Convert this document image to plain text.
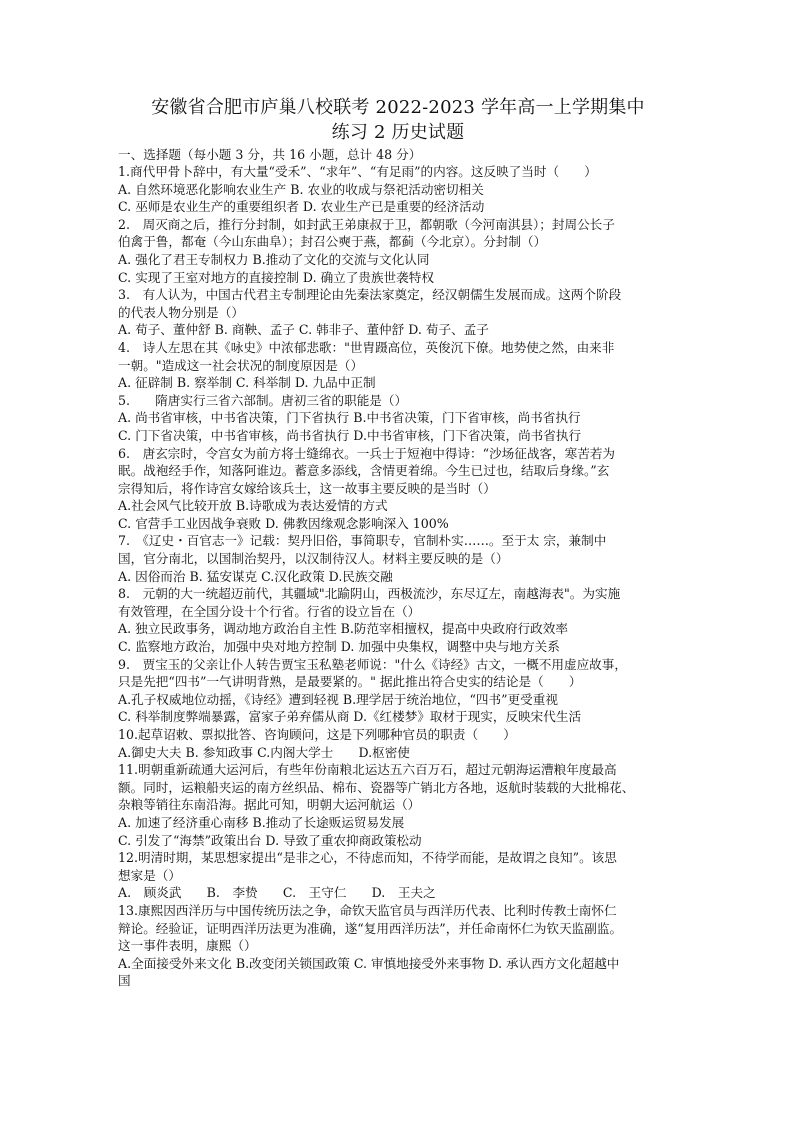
安徽省合肥市庐巢八校联考 2022-2023 学年高一上学期集中
练习 2 历史试题

一、选择题（每小题 3 分，共 16 小题，总计 48 分）

1.商代甲骨卜辞中，有大量“受禾”、“求年”、“有足雨”的内容。这反映了当时（　　）

A. 自然环境恶化影响农业生产 B. 农业的收成与祭祀活动密切相关

C. 巫师是农业生产的重要组织者 D. 农业生产已是重要的经济活动

2.　周灭商之后，推行分封制，如封武王弟康叔于卫，都朝歌（今河南淇县）；封周公长子

伯禽于鲁，都奄（今山东曲阜）；封召公奭于燕，都蓟（今北京）。分封制（）

A. 强化了君王专制权力 B.推动了文化的交流与文化认同

C. 实现了王室对地方的直接控制 D. 确立了贵族世袭特权

3.　有人认为，中国古代君主专制理论由先秦法家奠定，经汉朝儒生发展而成。这两个阶段

的代表人物分别是（）

A. 荀子、董仲舒 B. 商鞅、孟子 C. 韩非子、董仲舒 D. 荀子、孟子

4.　诗人左思在其《咏史》中浓郁悲歌："世胄蹑高位，英俊沉下僚。地势使之然，由来非

一朝。"造成这一社会状况的制度原因是（）

A. 征辟制 B. 察举制 C. 科举制 D. 九品中正制

5.　　隋唐实行三省六部制。唐初三省的职能是（）

A. 尚书省审核，中书省决策，门下省执行 B.中书省决策，门下省审核，尚书省执行

C. 门下省决策，中书省审核，尚书省执行 D.中书省审核，门下省决策，尚书省执行

6.　唐玄宗时，令宫女为前方将士缝绵衣。一兵士于短袍中得诗：“沙场征战客，寒苦若为

眠。战袍经手作，知落阿谁边。蓄意多添线，含情更着绵。今生已过也，结取后身缘。”玄

宗得知后，将作诗宫女嫁给该兵士，这一故事主要反映的是当时（）

A.社会风气比较开放 B.诗歌成为表达爱情的方式

C. 官营手工业因战争衰败 D. 佛教因缘观念影响深入 100%

7.　《辽史・百官志一》记载：契丹旧俗，事简职专，官制朴实……。至于太 宗，兼制中

国，官分南北，以国制治契丹，以汉制待汉人。材料主要反映的是（）

A. 因俗而治 B. 猛安谋克 C.汉化政策 D.民族交融

8.　元朝的大一统超迈前代，其疆域"北踰阴山，西极流沙，东尽辽左，南越海表"。为实施

有效管理，在全国分设十个行省。行省的设立旨在（）

A. 独立民政事务，调动地方政治自主性 B.防范宰相擅权，提高中央政府行政效率

C. 监察地方政治，加强中央对地方控制 D. 加强中央集权，调整中央与地方关系

9.　贾宝玉的父亲让仆人转告贾宝玉私塾老师说："什么《诗经》古文，一概不用虚应故事，

只是先把“四书”一气讲明背熟，是最要紧的。" 据此推出符合史实的结论是（　　）

A.孔子权威地位动摇，《诗经》遭到轻视 B.理学居于统治地位，“四书”更受重视

C. 科举制度弊端暴露，富家子弟弃儒从商 D.《红楼梦》取材于现实，反映宋代生活

10.起草诏敕、票拟批答、咨询顾问，这是下列哪种官员的职责（　　）

A.御史大夫 B. 参知政事 C.内阁大学士　　D.枢密使

11.明朝重新疏通大运河后，有些年份南粮北运达五六百万石，超过元朝海运漕粮年度最高

额。同时，运粮船夹运的南方丝织品、棉布、瓷器等广销北方各地，返航时装载的大批棉花、

杂粮等销往东南沿海。据此可知，明朝大运河航运（）

A. 加速了经济重心南移 B.推动了长途贩运贸易发展

C. 引发了“海禁”政策出台 D. 导致了重农抑商政策松动

12.明清时期，某思想家提出“是非之心，不待虑而知，不待学而能，是故谓之良知”。该思

想家是（）

A.　顾炎武　　B.　李贽　　C.　王守仁　　D.　王夫之

13.康熙因西洋历与中国传统历法之争，命钦天监官员与西洋历代表、比利时传教士南怀仁

辩论。经验证，证明西洋历法更为准确，遂“复用西洋历法”，并任命南怀仁为钦天监副监。

这一事件表明，康熙（）

A.全面接受外来文化 B.改变闭关锁国政策 C. 审慎地接受外来事物 D. 承认西方文化超越中

国
